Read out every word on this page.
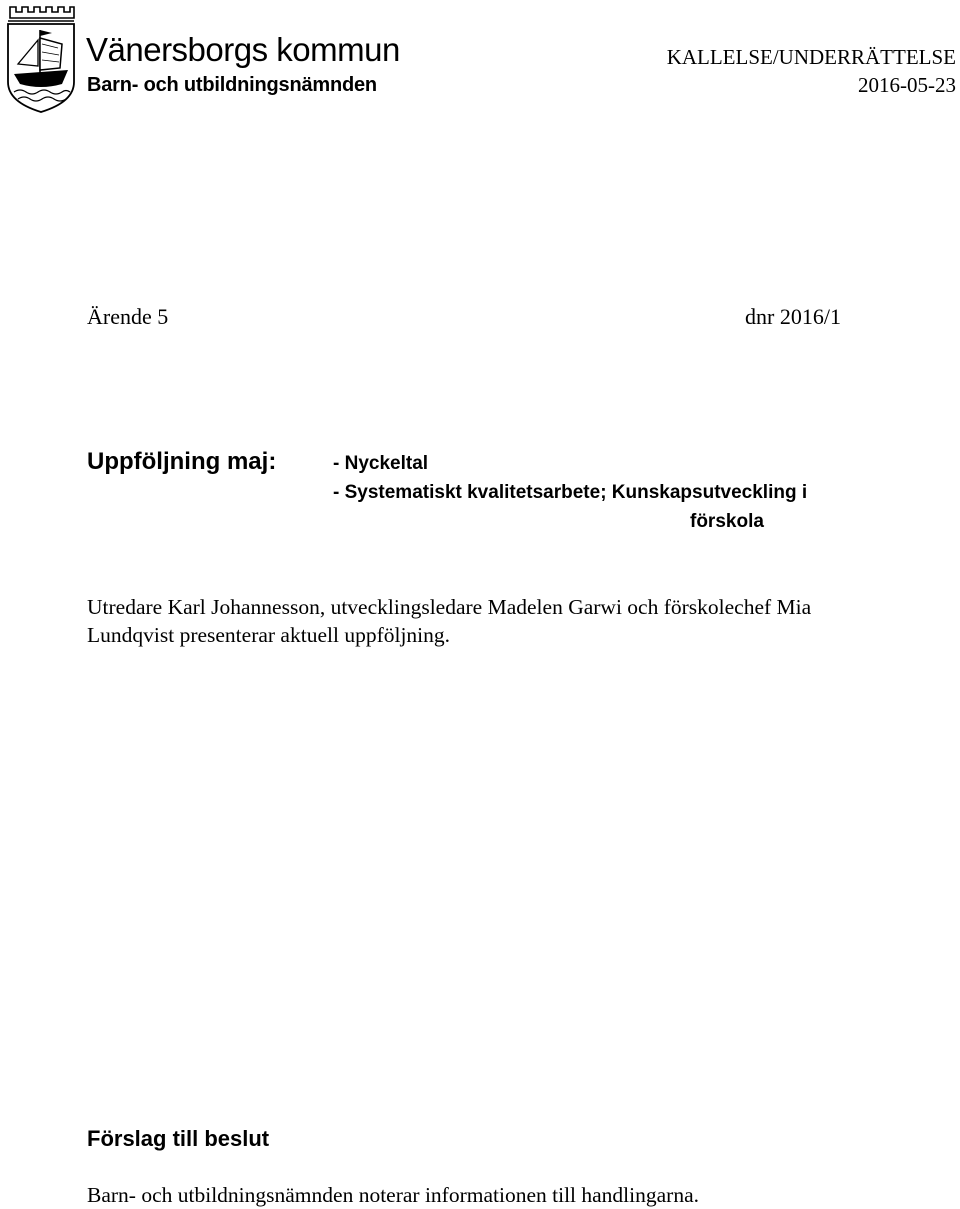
Vänersborgs kommun
Barn- och utbildningsnämnden
KALLELSE/UNDERRÄTTELSE
2016-05-23
Ärende 5	dnr 2016/1
Uppföljning maj:	- Nyckeltal
- Systematiskt kvalitetsarbete; Kunskapsutveckling i
förskola
Utredare Karl Johannesson, utvecklingsledare Madelen Garwi och förskolechef Mia
Lundqvist presenterar aktuell uppföljning.
Förslag till beslut
Barn- och utbildningsnämnden noterar informationen till handlingarna.
